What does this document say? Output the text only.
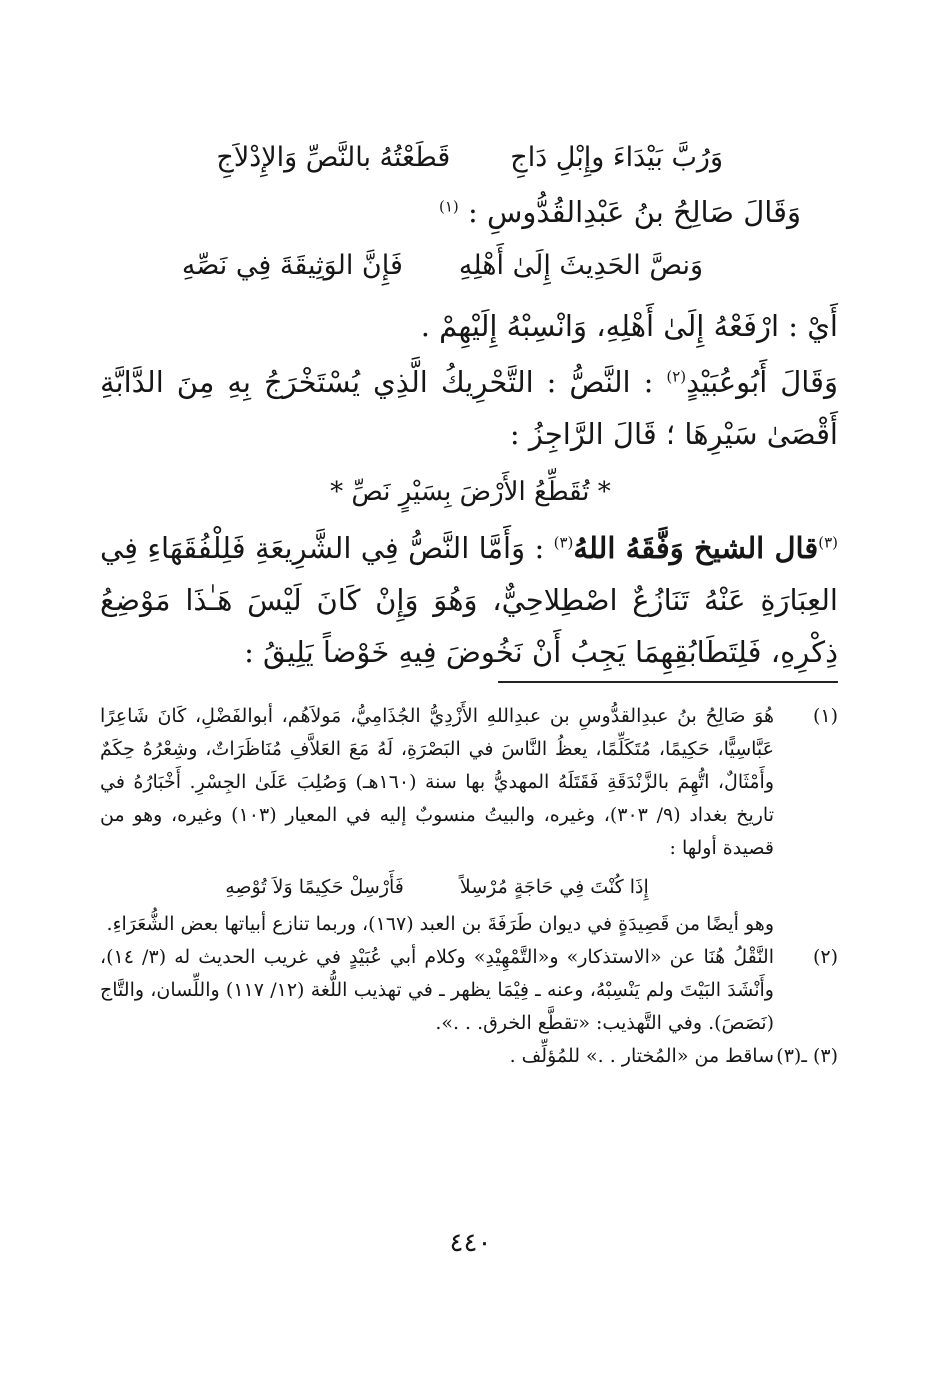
وَرُبَّ بَيْدَاءَ وإِبْلِ دَاجِ
قَطَعْتُهُ بالنَّصِّ وَالإِدْلاَجِ
وَقَالَ صَالِحُ بنُ عَبْدِالقُدُّوسِ : $^{(١)}$
وَنصَّ الحَدِيثَ إِلَىٰ أَهْلِهِ
فَإِنَّ الوَثِيقَةَ فِي نَصِّهِ
أَيْ : ارْفَعْهُ إِلَىٰ أَهْلِهِ، وَانْسِبْهُ إِلَيْهِمْ .
وَقَالَ أَبُوعُبَيْدٍ$^{(٢)}$ : النَّصُّ : التَّحْرِيكُ الَّذِي يُسْتَخْرَجُ بِهِ مِنَ الدَّابَّةِ أَقْصَىٰ سَيْرِهَا ؛ قَالَ الرَّاجِزُ :
* تُقَطِّعُ الأَرْضَ بِسَيْرٍ نَصِّ *
$^{(٣)}$قال الشيخ وَفَّقَهُ اللهُ$^{(٣)}$ : وَأَمَّا النَّصُّ فِي الشَّرِيعَةِ فَلِلْفُقَهَاءِ فِي العِبَارَةِ عَنْهُ تَنَازُعٌ اصْطِلاحِيٌّ، وَهُوَ وَإِنْ كَانَ لَيْسَ هَـٰذَا مَوْضِعُ ذِكْرِهِ، فَلِتَطَابُقِهِمَا يَجِبُ أَنْ نَخُوضَ فِيهِ خَوْضاً يَلِيقُ :
(١)
هُوَ صَالِحُ بنُ عبدِالقدُّوسِ بن عبدِاللهِ الأَزْدِيُّ الجُذَامِيُّ، مَولاَهُم، أبوالفَضْلِ، كَانَ شَاعِرًا عَبَّاسِيًّا، حَكِيمًا، مُتَكَلِّمًا، يعظُ النَّاسَ في البَصْرَةِ، لَهُ مَعَ العَلاَّفِ مُنَاظَرَاتٌ، وشِعْرُهُ حِكَمٌ وأَمْثَالٌ، اتُّهِمَ بالزَّنْدَقَةِ فَقَتَلَهُ المهديُّ بها سنة (١٦٠هـ) وَصُلِبَ عَلَىٰ الجِسْرِ. أَخْبَارُهُ في تاريخ بغداد (٩/ ٣٠٣)، وغيره، والبيتُ منسوبٌ إليه في المعيار (١٠٣) وغيره، وهو من قصيدة أولها :
إِذَا كُنْتَ فِي حَاجَةٍ مُرْسِلاً
فَأَرْسِلْ حَكِيمًا وَلاَ تُوْصِهِ
وهو أيضًا من قَصِيدَةٍ في ديوان طَرَفَةَ بن العبد (١٦٧)، وربما تنازع أبياتها بعض الشُّعَرَاءِ.
(٢)
النَّقْلُ هُنَا عن «الاستذكار» و«التَّمْهِيْدِ» وكلام أبي عُبَيْدٍ في غريب الحديث له (٣/ ١٤)، وأَنْشَدَ البَيْتَ ولم يَنْسِبْهُ، وعنه ـ فِيْمَا يظهر ـ في تهذيب اللُّغة (١٢/ ١١٧) واللِّسان، والتَّاج (نَصَصَ). وفي التَّهذيب: «تقطَّع الخرق. . .».
(٣) ـ(٣)
ساقط من «المُختار . .» للمُؤلِّف .
٤٤٠
